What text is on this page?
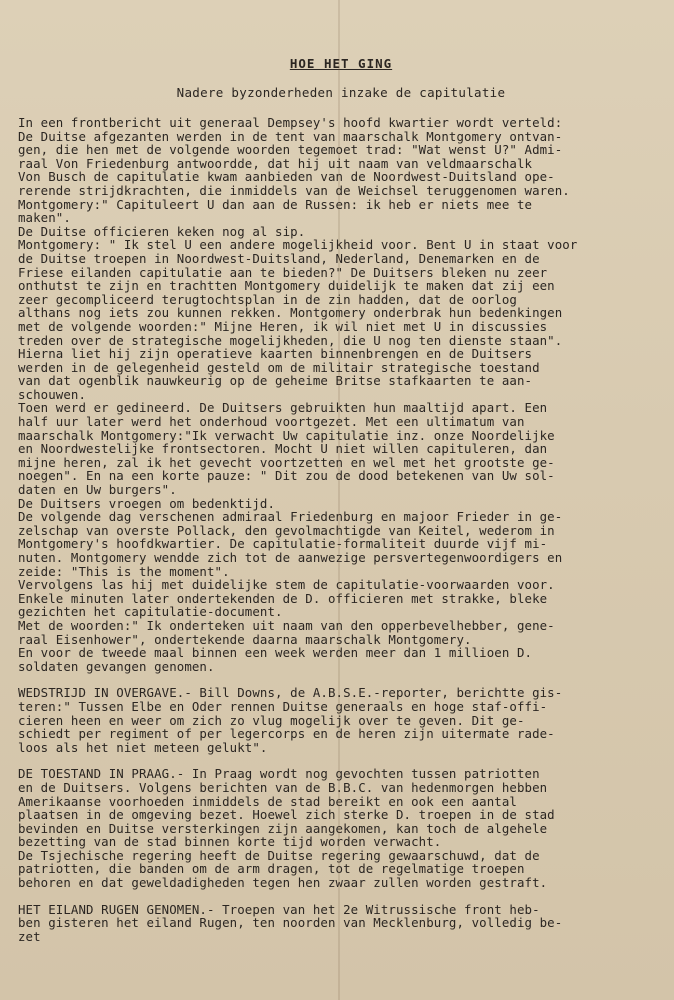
HOE HET GING
Nadere byzonderheden inzake de capitulatie
In een frontbericht uit generaal Dempsey's hoofd kwartier wordt verteld:
De Duitse afgezanten werden in de tent van maarschalk Montgomery ontvan-
gen, die hen met de volgende woorden tegemoet trad: "Wat wenst U?" Admi-
raal Von Friedenburg antwoordde, dat hij uit naam van veldmaarschalk
Von Busch de capitulatie kwam aanbieden van de Noordwest-Duitsland ope-
rerende strijdkrachten, die inmiddels van de Weichsel teruggenomen waren.
Montgomery:" Capituleert U dan aan de Russen: ik heb er niets mee te
maken".
De Duitse officieren keken nog al sip.
Montgomery: " Ik stel U een andere mogelijkheid voor. Bent U in staat voor
de Duitse troepen in Noordwest-Duitsland, Nederland, Denemarken en de
Friese eilanden capitulatie aan te bieden?" De Duitsers bleken nu zeer
onthutst te zijn en trachtten Montgomery duidelijk te maken dat zij een
zeer gecompliceerd terugtochtsplan in de zin hadden, dat de oorlog
althans nog iets zou kunnen rekken. Montgomery onderbrak hun bedenkingen
met de volgende woorden:" Mijne Heren, ik wil niet met U in discussies
treden over de strategische mogelijkheden, die U nog ten dienste staan".
Hierna liet hij zijn operatieve kaarten binnenbrengen en de Duitsers
werden in de gelegenheid gesteld om de militair strategische toestand
van dat ogenblik nauwkeurig op de geheime Britse stafkaarten te aan-
schouwen.
Toen werd er gedineerd. De Duitsers gebruikten hun maaltijd apart. Een
half uur later werd het onderhoud voortgezet. Met een ultimatum van
maarschalk Montgomery:"Ik verwacht Uw capitulatie inz. onze Noordelijke
en Noordwestelijke frontsectoren. Mocht U niet willen capituleren, dan
mijne heren, zal ik het gevecht voortzetten en wel met het grootste ge-
noegen". En na een korte pauze: " Dit zou de dood betekenen van Uw sol-
daten en Uw burgers".
De Duitsers vroegen om bedenktijd.
De volgende dag verschenen admiraal Friedenburg en majoor Frieder in ge-
zelschap van overste Pollack, den gevolmachtigde van Keitel, wederom in
Montgomery's hoofdkwartier. De capitulatie-formaliteit duurde vijf mi-
nuten. Montgomery wendde zich tot de aanwezige persvertegenwoordigers en
zeide: "This is the moment".
Vervolgens las hij met duidelijke stem de capitulatie-voorwaarden voor.
Enkele minuten later ondertekenden de D. officieren met strakke, bleke
gezichten het capitulatie-document.
Met de woorden:" Ik onderteken uit naam van den opperbevelhebber, gene-
raal Eisenhower", ondertekende daarna maarschalk Montgomery.
En voor de tweede maal binnen een week werden meer dan 1 millioen D.
soldaten gevangen genomen.
WEDSTRIJD IN OVERGAVE.- Bill Downs, de A.B.S.E.-reporter, berichtte gis-
teren:" Tussen Elbe en Oder rennen Duitse generaals en hoge staf-offi-
cieren heen en weer om zich zo vlug mogelijk over te geven. Dit ge-
schiedt per regiment of per legercorps en de heren zijn uitermate rade-
loos als het niet meteen gelukt".
DE TOESTAND IN PRAAG.- In Praag wordt nog gevochten tussen patriotten
en de Duitsers. Volgens berichten van de B.B.C. van hedenmorgen hebben
Amerikaanse voorhoeden inmiddels de stad bereikt en ook een aantal
plaatsen in de omgeving bezet. Hoewel zich sterke D. troepen in de stad
bevinden en Duitse versterkingen zijn aangekomen, kan toch de algehele
bezetting van de stad binnen korte tijd worden verwacht.
De Tsjechische regering heeft de Duitse regering gewaarschuwd, dat de
patriotten, die banden om de arm dragen, tot de regelmatige troepen
behoren en dat geweldadigheden tegen hen zwaar zullen worden gestraft.
HET EILAND RUGEN GENOMEN.- Troepen van het 2e Witrussische front heb-
ben gisteren het eiland Rugen, ten noorden van Mecklenburg, volledig be-
zet
